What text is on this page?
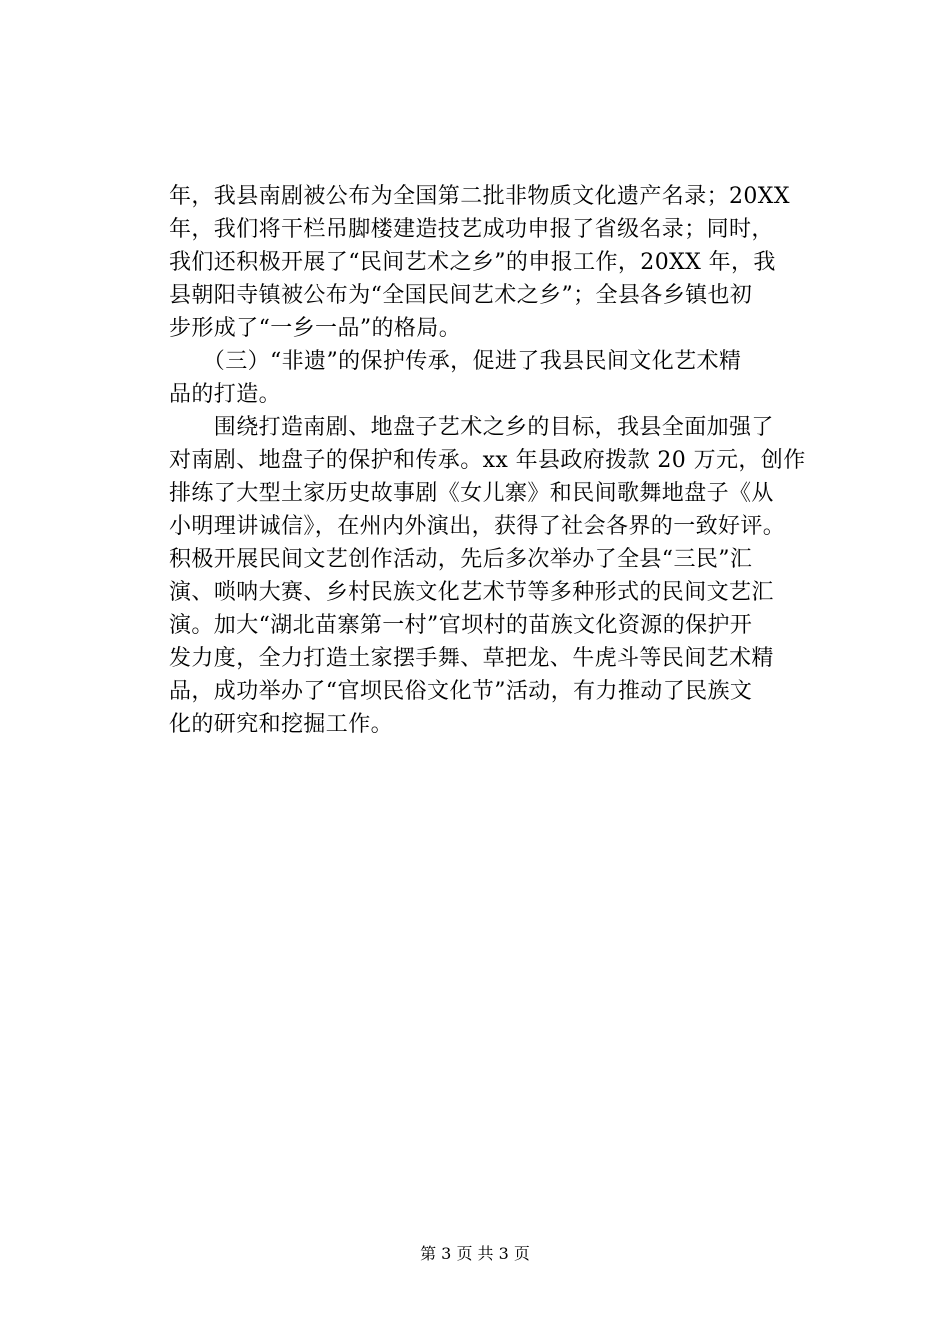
年，我县南剧被公布为全国第二批非物质文化遗产名录；20XX
年，我们将干栏吊脚楼建造技艺成功申报了省级名录；同时，
我们还积极开展了“民间艺术之乡”的申报工作，20XX 年，我
县朝阳寺镇被公布为“全国民间艺术之乡”；全县各乡镇也初
步形成了“一乡一品”的格局。
　　（三）“非遗”的保护传承，促进了我县民间文化艺术精
品的打造。
　　围绕打造南剧、地盘子艺术之乡的目标，我县全面加强了
对南剧、地盘子的保护和传承。xx 年县政府拨款 20 万元，创作
排练了大型土家历史故事剧《女儿寨》和民间歌舞地盘子《从
小明理讲诚信》，在州内外演出，获得了社会各界的一致好评。
积极开展民间文艺创作活动，先后多次举办了全县“三民”汇
演、唢呐大赛、乡村民族文化艺术节等多种形式的民间文艺汇
演。加大“湖北苗寨第一村”官坝村的苗族文化资源的保护开
发力度，全力打造土家摆手舞、草把龙、牛虎斗等民间艺术精
品，成功举办了“官坝民俗文化节”活动，有力推动了民族文
化的研究和挖掘工作。
第 3 页 共 3 页
